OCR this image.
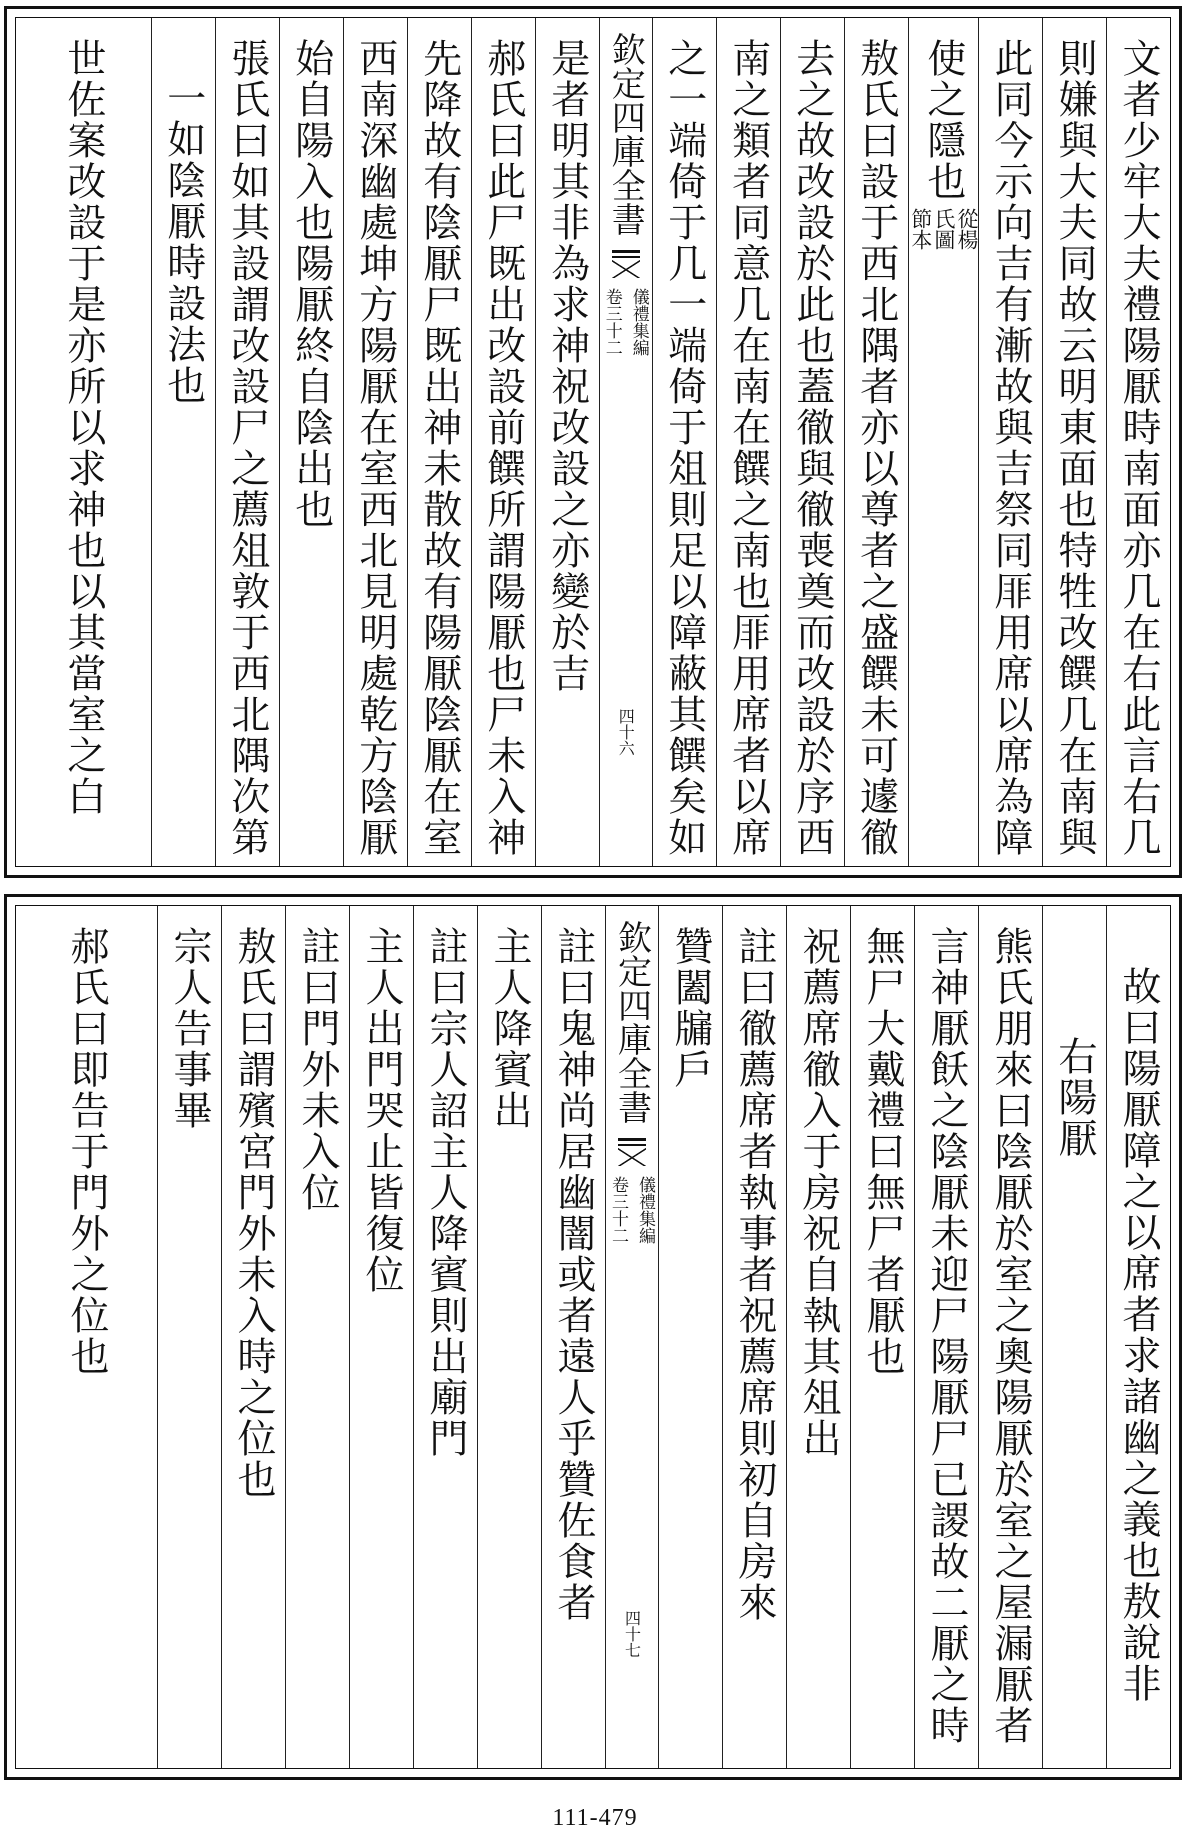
文者少牢大夫禮陽厭時南面亦几在右此言右几
則嫌與大夫同故云明東面也特牲改饌几在南與
此同今示向吉有漸故與吉祭同厞用席以席為障
使之隱也
從楊氏圖節本
敖氏曰設于西北隅者亦以尊者之盛饌未可遽徹
去之故改設於此也蓋徹與徹喪奠而改設於序西
南之類者同意几在南在饌之南也厞用席者以席
之一端倚于几一端倚于俎則足以障蔽其饌矣如
欽定四庫全書
儀禮集編
卷三十二
四十六
是者明其非為求神祝改設之亦變於吉
郝氏曰此尸既出改設前饌所謂陽厭也尸未入神
先降故有陰厭尸既出神未散故有陽厭陰厭在室
西南深幽處坤方陽厭在室西北見明處乾方陰厭
始自陽入也陽厭終自陰出也
張氏曰如其設謂改設尸之薦俎敦于西北隅次第
一如陰厭時設法也
世佐案改設于是亦所以求神也以其當室之白
故曰陽厭障之以席者求諸幽之義也敖說非
右陽厭
熊氏朋來曰陰厭於室之奧陽厭於室之屋漏厭者
言神厭飫之陰厭未迎尸陽厭尸已謖故二厭之時
無尸大戴禮曰無尸者厭也
祝薦席徹入于房祝自執其俎出
註曰徹薦席者執事者祝薦席則初自房來
贊闔牖戶
欽定四庫全書
儀禮集編
卷三十二
四十七
註曰鬼神尚居幽闇或者遠人乎贊佐食者
主人降賓出
註曰宗人詔主人降賓則出廟門
主人出門哭止皆復位
註曰門外未入位
敖氏曰謂殯宮門外未入時之位也
宗人告事畢
郝氏曰即告于門外之位也
111-479
